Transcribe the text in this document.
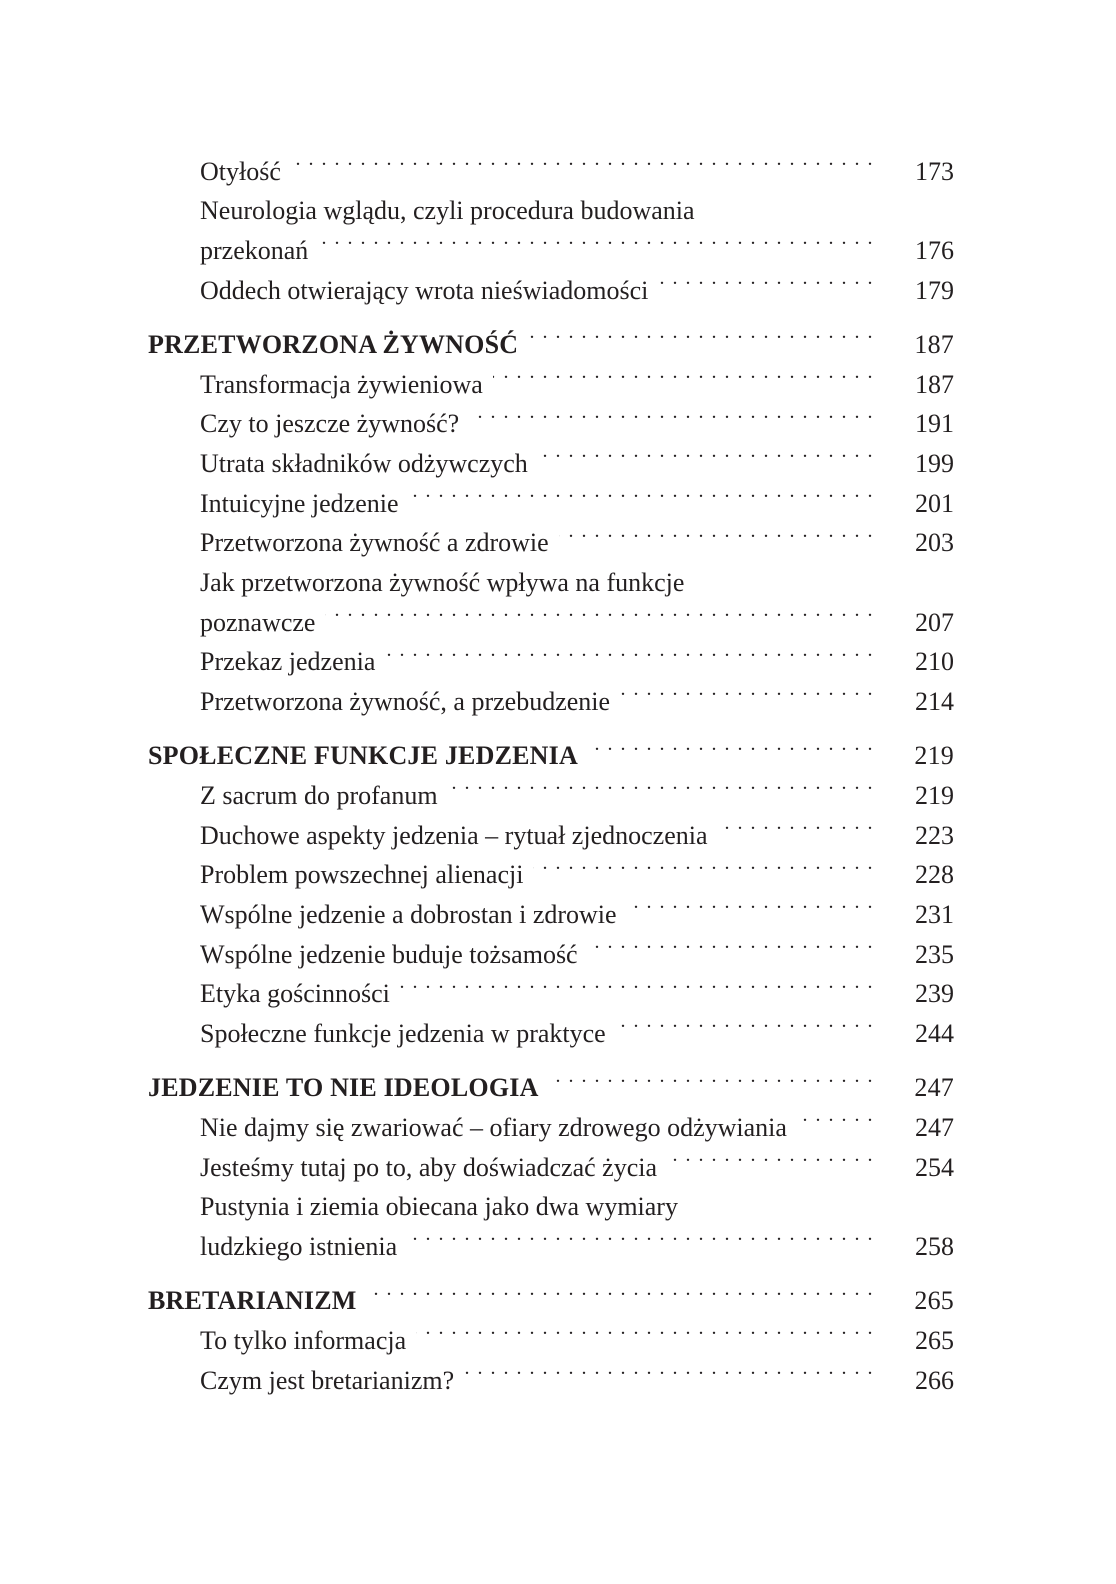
Otyłość . . .	173
Neurologia wglądu, czyli procedura budowania
przekonań . . .	176
Oddech otwierający wrota nieświadomości . . .	179
PRZETWORZONA ŻYWNOŚĆ . . .	187
Transformacja żywieniowa . . .	187
Czy to jeszcze żywność? . . .	191
Utrata składników odżywczych . . .	199
Intuicyjne jedzenie . . .	201
Przetworzona żywność a zdrowie . . .	203
Jak przetworzona żywność wpływa na funkcje
poznawcze . . .	207
Przekaz jedzenia . . .	210
Przetworzona żywność, a przebudzenie . . .	214
SPOŁECZNE FUNKCJE JEDZENIA . . .	219
Z sacrum do profanum . . .	219
Duchowe aspekty jedzenia – rytuał zjednoczenia . . .	223
Problem powszechnej alienacji . . .	228
Wspólne jedzenie a dobrostan i zdrowie . . .	231
Wspólne jedzenie buduje tożsamość . . .	235
Etyka gościnności . . .	239
Społeczne funkcje jedzenia w praktyce . . .	244
JEDZENIE TO NIE IDEOLOGIA . . .	247
Nie dajmy się zwariować – ofiary zdrowego odżywiania . . .	247
Jesteśmy tutaj po to, aby doświadczać życia . . .	254
Pustynia i ziemia obiecana jako dwa wymiary
ludzkiego istnienia . . .	258
BRETARIANIZM . . .	265
To tylko informacja . . .	265
Czym jest bretarianizm? . . .	266
